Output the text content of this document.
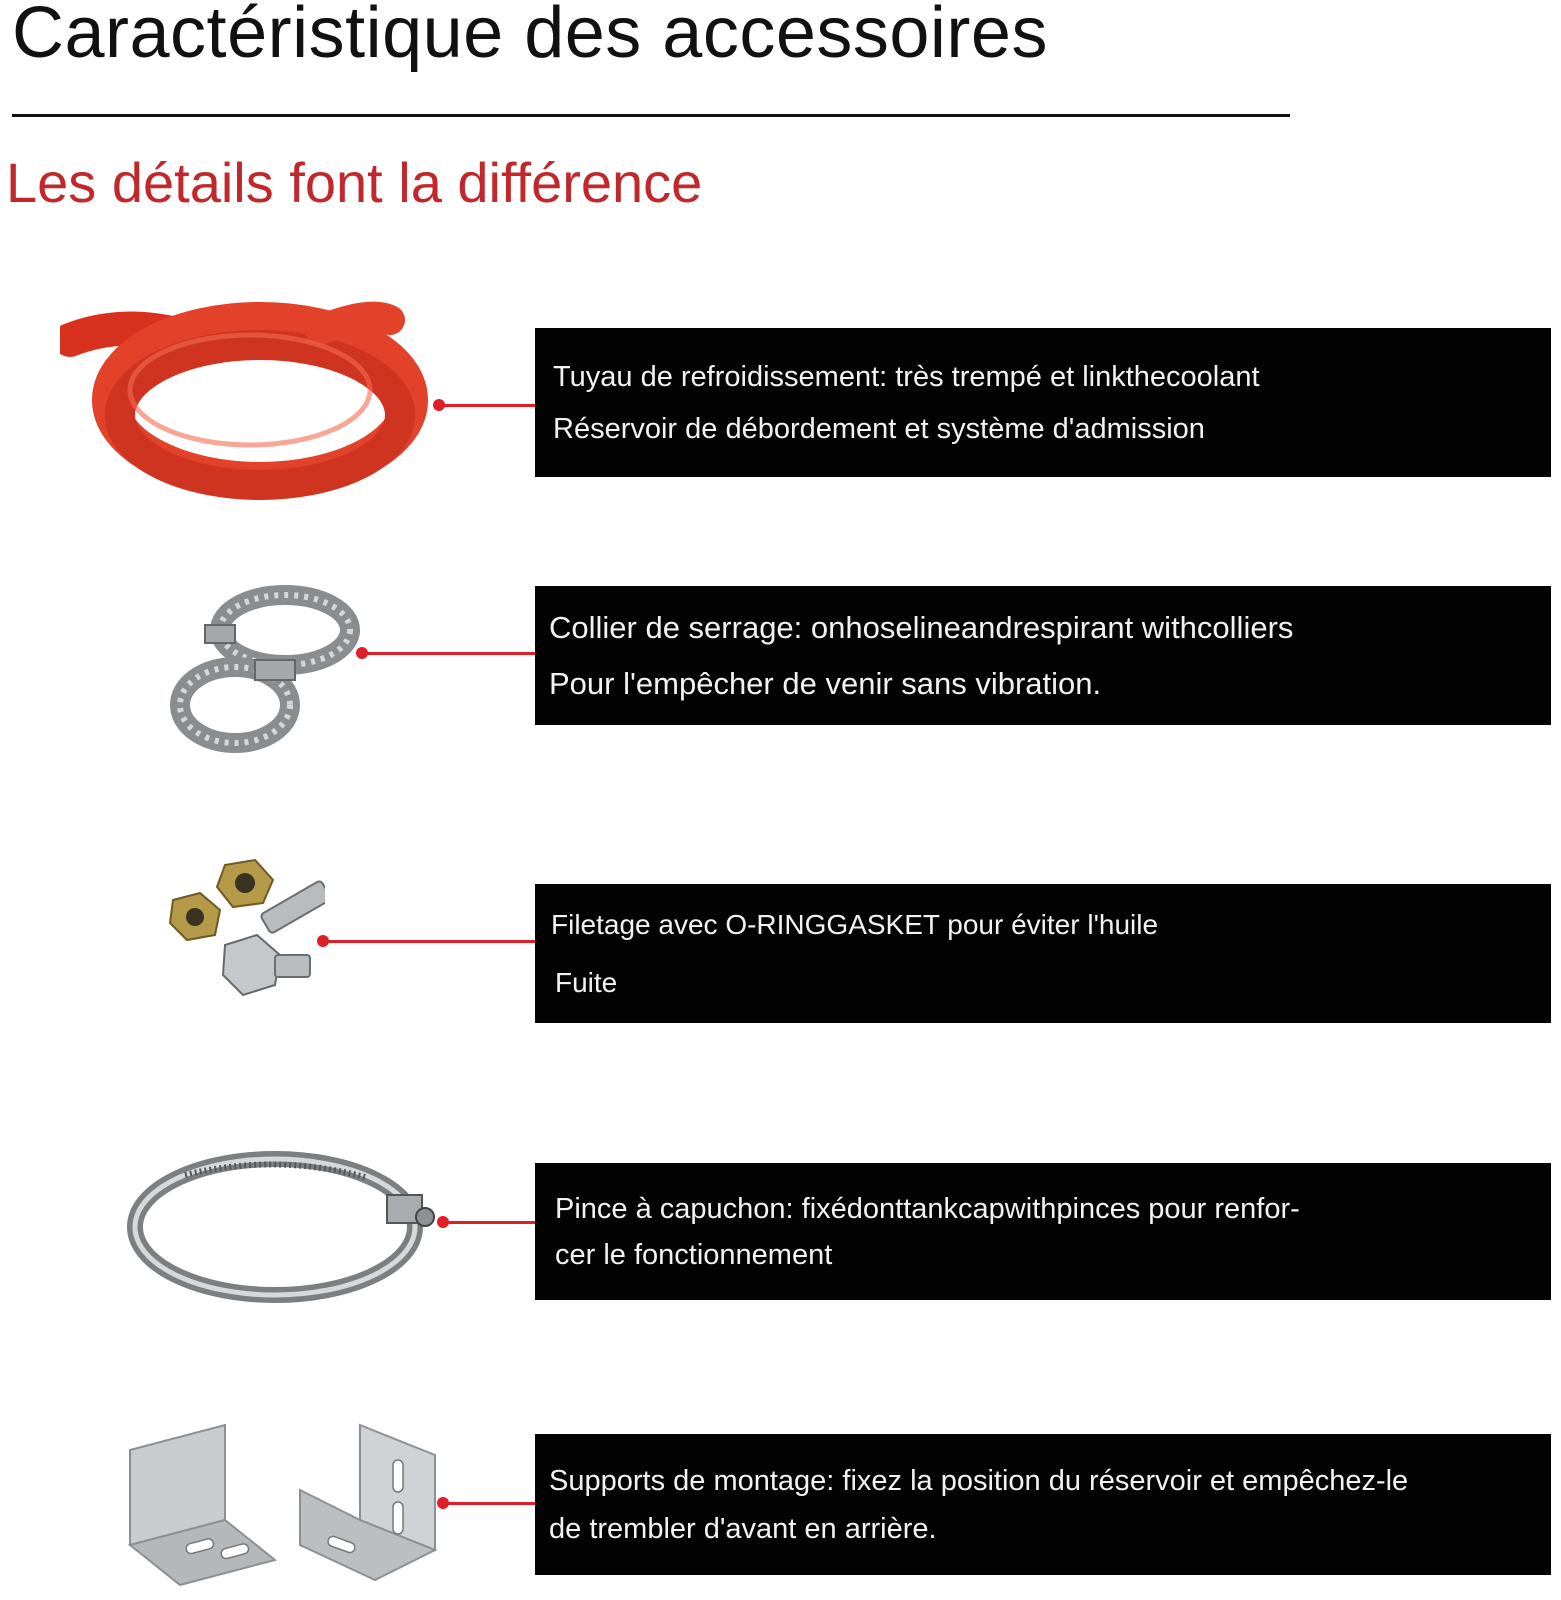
Caractéristique des accessoires
Les détails font la différence
Tuyau de refroidissement: très trempé et linkthecoolant
Réservoir de débordement et système d'admission
Collier de serrage: onhoselineandrespirant withcolliers
Pour l'empêcher de venir sans vibration.
Filetage avec O-RINGGASKET pour éviter l'huile
Fuite
Pince à capuchon: fixédonttankcapwithpinces pour renfor-
cer le fonctionnement
Supports de montage: fixez la position du réservoir et empêchez-le
de trembler d'avant en arrière.
